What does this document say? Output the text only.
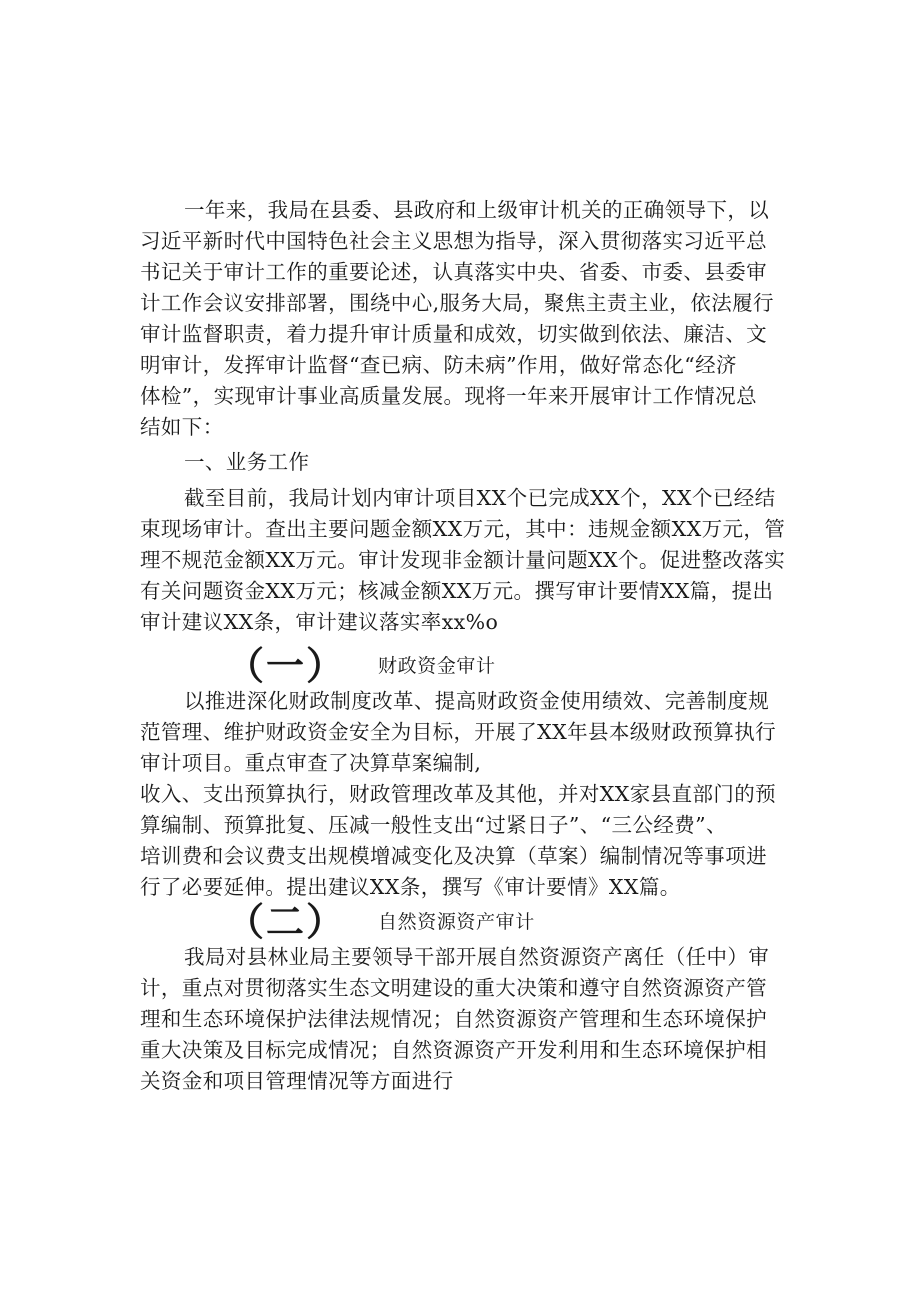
一年来，我局在县委、县政府和上级审计机关的正确领导下，以
习近平新时代中国特色社会主义思想为指导，深入贯彻落实习近平总
书记关于审计工作的重要论述，认真落实中央、省委、市委、县委审
计工作会议安排部署，围绕中心,服务大局，聚焦主责主业，依法履行
审计监督职责，着力提升审计质量和成效，切实做到依法、廉洁、文
明审计，发挥审计监督“查已病、防未病”作用，做好常态化“经济
体检”，实现审计事业高质量发展。现将一年来开展审计工作情况总
结如下：
一、业务工作
截至目前，我局计划内审计项目XX个已完成XX个，XX个已经结
束现场审计。查出主要问题金额XX万元，其中：违规金额XX万元，管
理不规范金额XX万元。审计发现非金额计量问题XX个。促进整改落实
有关问题资金XX万元；核减金额XX万元。撰写审计要情XX篇，提出
审计建议XX条，审计建议落实率xx%o
（一） 财政资金审计
以推进深化财政制度改革、提高财政资金使用绩效、完善制度规
范管理、维护财政资金安全为目标，开展了XX年县本级财政预算执行
审计项目。重点审查了决算草案编制,
收入、支出预算执行，财政管理改革及其他，并对XX家县直部门的预
算编制、预算批复、压减一般性支出“过紧日子”、“三公经费”、
培训费和会议费支出规模增减变化及决算（草案）编制情况等事项进
行了必要延伸。提出建议XX条，撰写《审计要情》XX篇。
（二） 自然资源资产审计
我局对县林业局主要领导干部开展自然资源资产离任（任中）审
计，重点对贯彻落实生态文明建设的重大决策和遵守自然资源资产管
理和生态环境保护法律法规情况；自然资源资产管理和生态环境保护
重大决策及目标完成情况；自然资源资产开发利用和生态环境保护相
关资金和项目管理情况等方面进行
